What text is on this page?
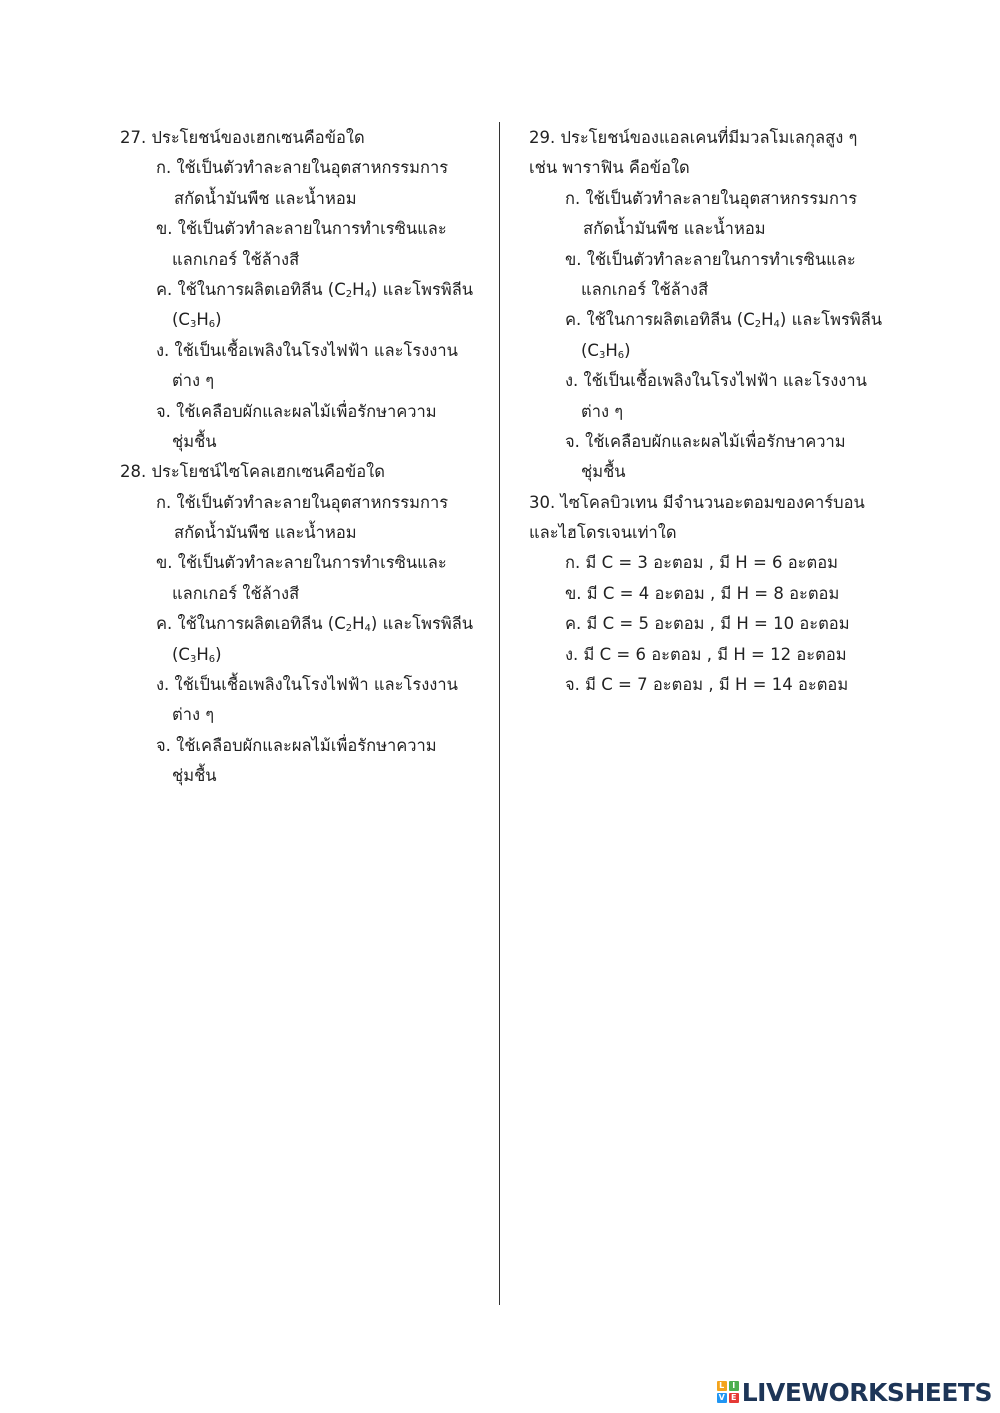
27. ประโยชน์ของเฮกเซนคือข้อใด
ก. ใช้เป็นตัวทำละลายในอุตสาหกรรมการ
สกัดน้ำมันพืช และน้ำหอม
ข. ใช้เป็นตัวทำละลายในการทำเรซินและ
แลกเกอร์ ใช้ล้างสี
ค. ใช้ในการผลิตเอทิลีน $(C_2H_4)$ และโพรพิลีน
$(C_3H_6)$
ง. ใช้เป็นเชื้อเพลิงในโรงไฟฟ้า และโรงงาน
ต่าง ๆ
จ. ใช้เคลือบผักและผลไม้เพื่อรักษาความ
ชุ่มชื้น
28. ประโยชน์ไซโคลเฮกเซนคือข้อใด
ก. ใช้เป็นตัวทำละลายในอุตสาหกรรมการ
สกัดน้ำมันพืช และน้ำหอม
ข. ใช้เป็นตัวทำละลายในการทำเรซินและ
แลกเกอร์ ใช้ล้างสี
ค. ใช้ในการผลิตเอทิลีน $(C_2H_4)$ และโพรพิลีน
$(C_3H_6)$
ง. ใช้เป็นเชื้อเพลิงในโรงไฟฟ้า และโรงงาน
ต่าง ๆ
จ. ใช้เคลือบผักและผลไม้เพื่อรักษาความ
ชุ่มชื้น
29. ประโยชน์ของแอลเคนที่มีมวลโมเลกุลสูง ๆ
เช่น พาราฟิน คือข้อใด
ก. ใช้เป็นตัวทำละลายในอุตสาหกรรมการ
สกัดน้ำมันพืช และน้ำหอม
ข. ใช้เป็นตัวทำละลายในการทำเรซินและ
แลกเกอร์ ใช้ล้างสี
ค. ใช้ในการผลิตเอทิลีน $(C_2H_4)$ และโพรพิลีน
$(C_3H_6)$
ง. ใช้เป็นเชื้อเพลิงในโรงไฟฟ้า และโรงงาน
ต่าง ๆ
จ. ใช้เคลือบผักและผลไม้เพื่อรักษาความ
ชุ่มชื้น
30. ไซโคลบิวเทน มีจำนวนอะตอมของคาร์บอน
และไฮโดรเจนเท่าใด
ก. มี C = 3 อะตอม , มี H = 6 อะตอม
ข. มี C = 4 อะตอม , มี H = 8 อะตอม
ค. มี C = 5 อะตอม , มี H = 10 อะตอม
ง. มี C = 6 อะตอม , มี H = 12 อะตอม
จ. มี C = 7 อะตอม , มี H = 14 อะตอม
L I
V E LIVEWORKSHEETS
